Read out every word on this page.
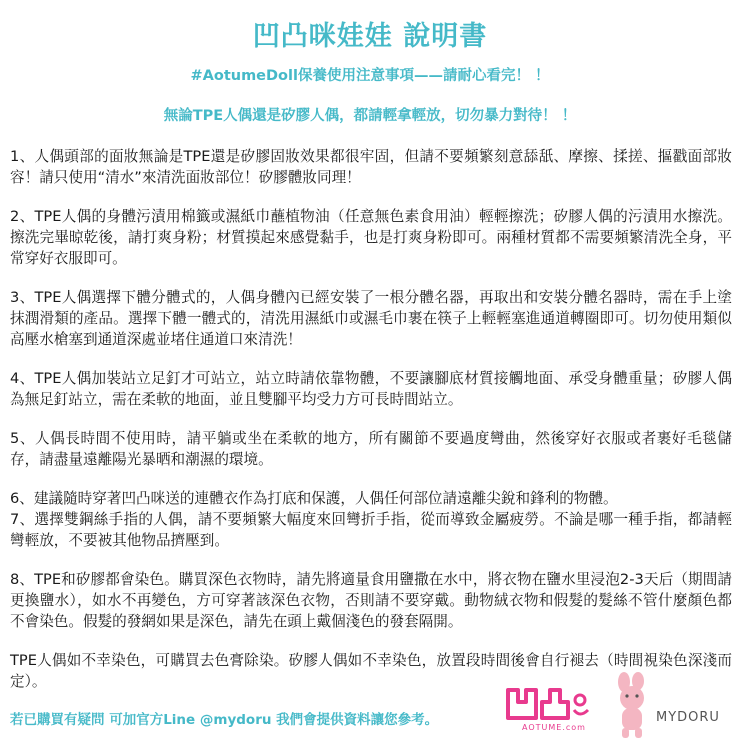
凹凸咪娃娃 說明書
#AotumeDoll保養使用注意事項——請耐心看完！ ！
無論TPE人偶還是矽膠人偶，都請輕拿輕放，切勿暴力對待！ ！

1、人偶頭部的面妝無論是TPE還是矽膠固妝效果都很牢固，但請不要頻繁刻意舔舐、摩擦、揉搓、摳戳面部妝容！請只使用“清水”來清洗面妝部位！矽膠體妝同理！

2、TPE人偶的身體污漬用棉籤或濕紙巾蘸植物油（任意無色素食用油）輕輕擦洗；矽膠人偶的污漬用水擦洗。擦洗完畢晾乾後，請打爽身粉；材質摸起來感覺黏手，也是打爽身粉即可。兩種材質都不需要頻繁清洗全身，平常穿好衣服即可。

3、TPE人偶選擇下體分體式的，人偶身體內已經安裝了一根分體名器，再取出和安裝分體名器時，需在手上塗抹潤滑類的產品。選擇下體一體式的，清洗用濕紙巾或濕毛巾裹在筷子上輕輕塞進通道轉圈即可。切勿使用類似高壓水槍塞到通道深處並堵住通道口來清洗！

4、TPE人偶加裝站立足釘才可站立，站立時請依靠物體，不要讓腳底材質接觸地面、承受身體重量；矽膠人偶為無足釘站立，需在柔軟的地面，並且雙腳平均受力方可長時間站立。

5、人偶長時間不使用時，請平躺或坐在柔軟的地方，所有關節不要過度彎曲，然後穿好衣服或者裹好毛毯儲存，請盡量遠離陽光暴晒和潮濕的環境。

6、建議隨時穿著凹凸咪送的連體衣作為打底和保護，人偶任何部位請遠離尖銳和鋒利的物體。

7、選擇雙鋼絲手指的人偶，請不要頻繁大幅度來回彎折手指，從而導致金屬疲勞。不論是哪一種手指，都請輕彎輕放，不要被其他物品擠壓到。

8、TPE和矽膠都會染色。購買深色衣物時，請先將適量食用鹽撒在水中，將衣物在鹽水里浸泡2-3天后（期間請更換鹽水），如水不再變色，方可穿著該深色衣物，否則請不要穿戴。動物絨衣物和假髮的髮絲不管什麼顏色都不會染色。假髮的發網如果是深色，請先在頭上戴個淺色的發套隔開。

TPE人偶如不幸染色，可購買去色膏除染。矽膠人偶如不幸染色，放置段時間後會自行褪去（時間視染色深淺而定）。

若已購買有疑問 可加官方Line @mydoru 我們會提供資料讓您參考。	AOTUME.com
MYDORU
